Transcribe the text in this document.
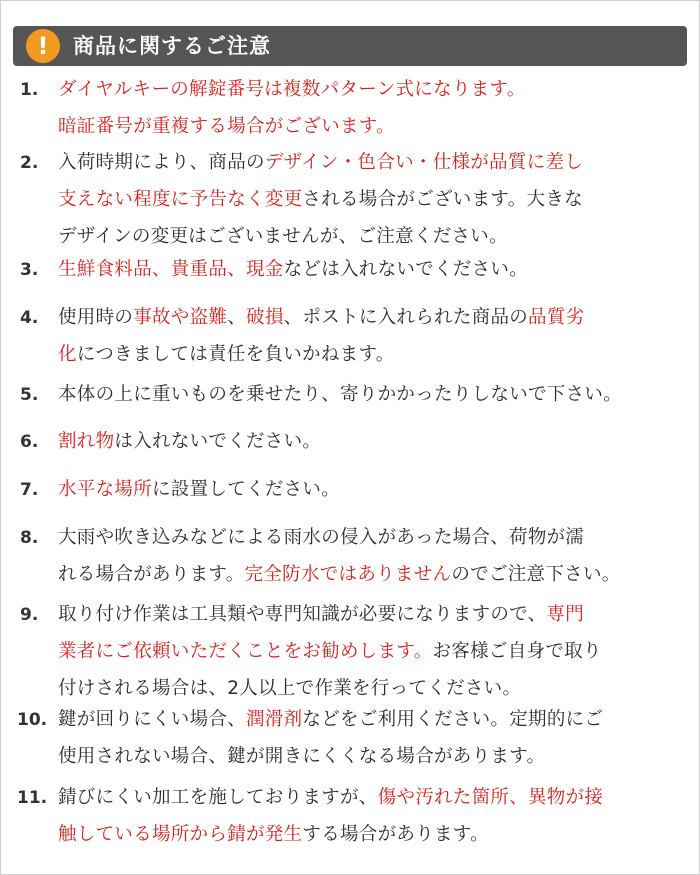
!	商品に関するご注意
1.	ダイヤルキーの解錠番号は複数パターン式になります。
暗証番号が重複する場合がございます。
2.	入荷時期により、商品のデザイン・色合い・仕様が品質に差し
支えない程度に予告なく変更される場合がございます。大きな
デザインの変更はございませんが、ご注意ください。
3.	生鮮食料品、貴重品、現金などは入れないでください。
4.	使用時の事故や盗難、破損、ポストに入れられた商品の品質劣
化につきましては責任を負いかねます。
5.	本体の上に重いものを乗せたり、寄りかかったりしないで下さい。
6.	割れ物は入れないでください。
7.	水平な場所に設置してください。
8.	大雨や吹き込みなどによる雨水の侵入があった場合、荷物が濡
れる場合があります。完全防水ではありませんのでご注意下さい。
9.	取り付け作業は工具類や専門知識が必要になりますので、専門
業者にご依頼いただくことをお勧めします。お客様ご自身で取り
付けされる場合は、2人以上で作業を行ってください。
10. 鍵が回りにくい場合、潤滑剤などをご利用ください。定期的にご
使用されない場合、鍵が開きにくくなる場合があります。
11. 錆びにくい加工を施しておりますが、傷や汚れた箇所、異物が接
触している場所から錆が発生する場合があります。
